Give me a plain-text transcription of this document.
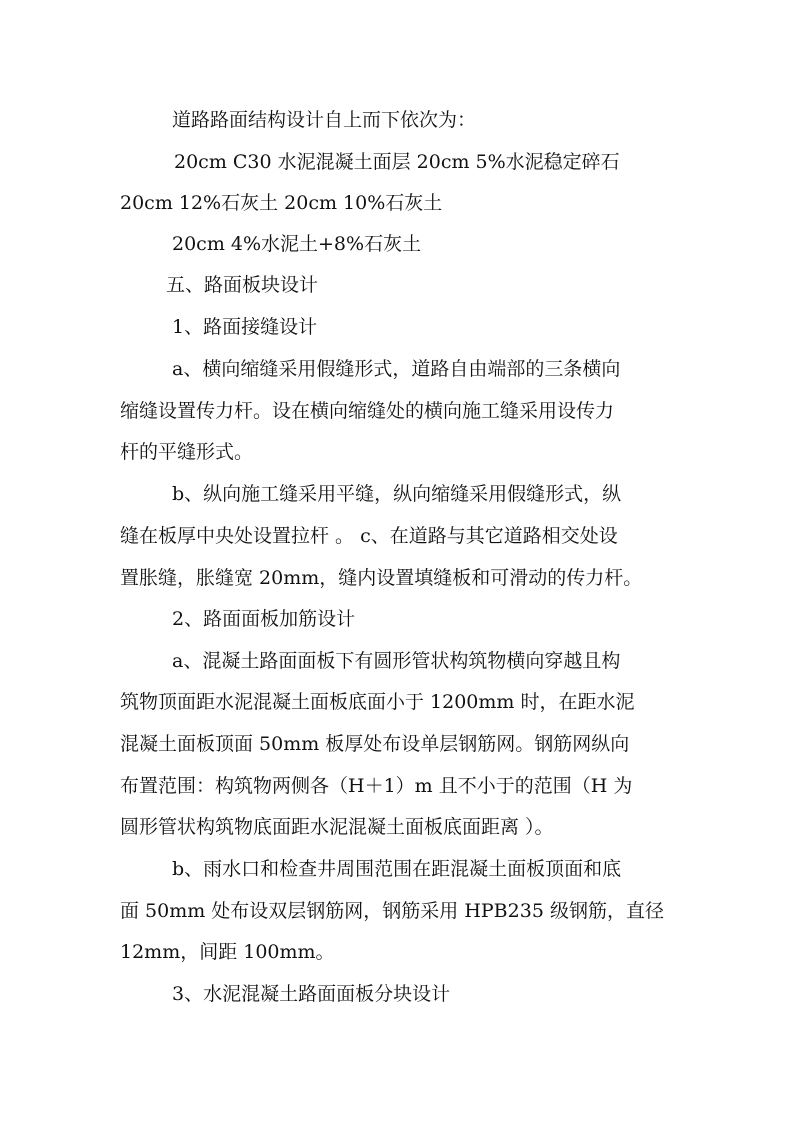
道路路面结构设计自上而下依次为：
20cm C30 水泥混凝土面层 20cm 5%水泥稳定碎石
20cm 12%石灰土 20cm 10%石灰土
20cm 4%水泥土+8%石灰土
五、路面板块设计
1、路面接缝设计
a、横向缩缝采用假缝形式，道路自由端部的三条横向
缩缝设置传力杆。设在横向缩缝处的横向施工缝采用设传力
杆的平缝形式。
b、纵向施工缝采用平缝，纵向缩缝采用假缝形式，纵
缝在板厚中央处设置拉杆 。 c、在道路与其它道路相交处设
置胀缝，胀缝宽 20mm，缝内设置填缝板和可滑动的传力杆。
2、路面面板加筋设计
a、混凝土路面面板下有圆形管状构筑物横向穿越且构
筑物顶面距水泥混凝土面板底面小于 1200mm 时，在距水泥
混凝土面板顶面 50mm 板厚处布设单层钢筋网。钢筋网纵向
布置范围：构筑物两侧各（H＋1）m 且不小于的范围（H 为
圆形管状构筑物底面距水泥混凝土面板底面距离 ）。
b、雨水口和检查井周围范围在距混凝土面板顶面和底
面 50mm 处布设双层钢筋网，钢筋采用 HPB235 级钢筋，直径
12mm，间距 100mm。
3、水泥混凝土路面面板分块设计
